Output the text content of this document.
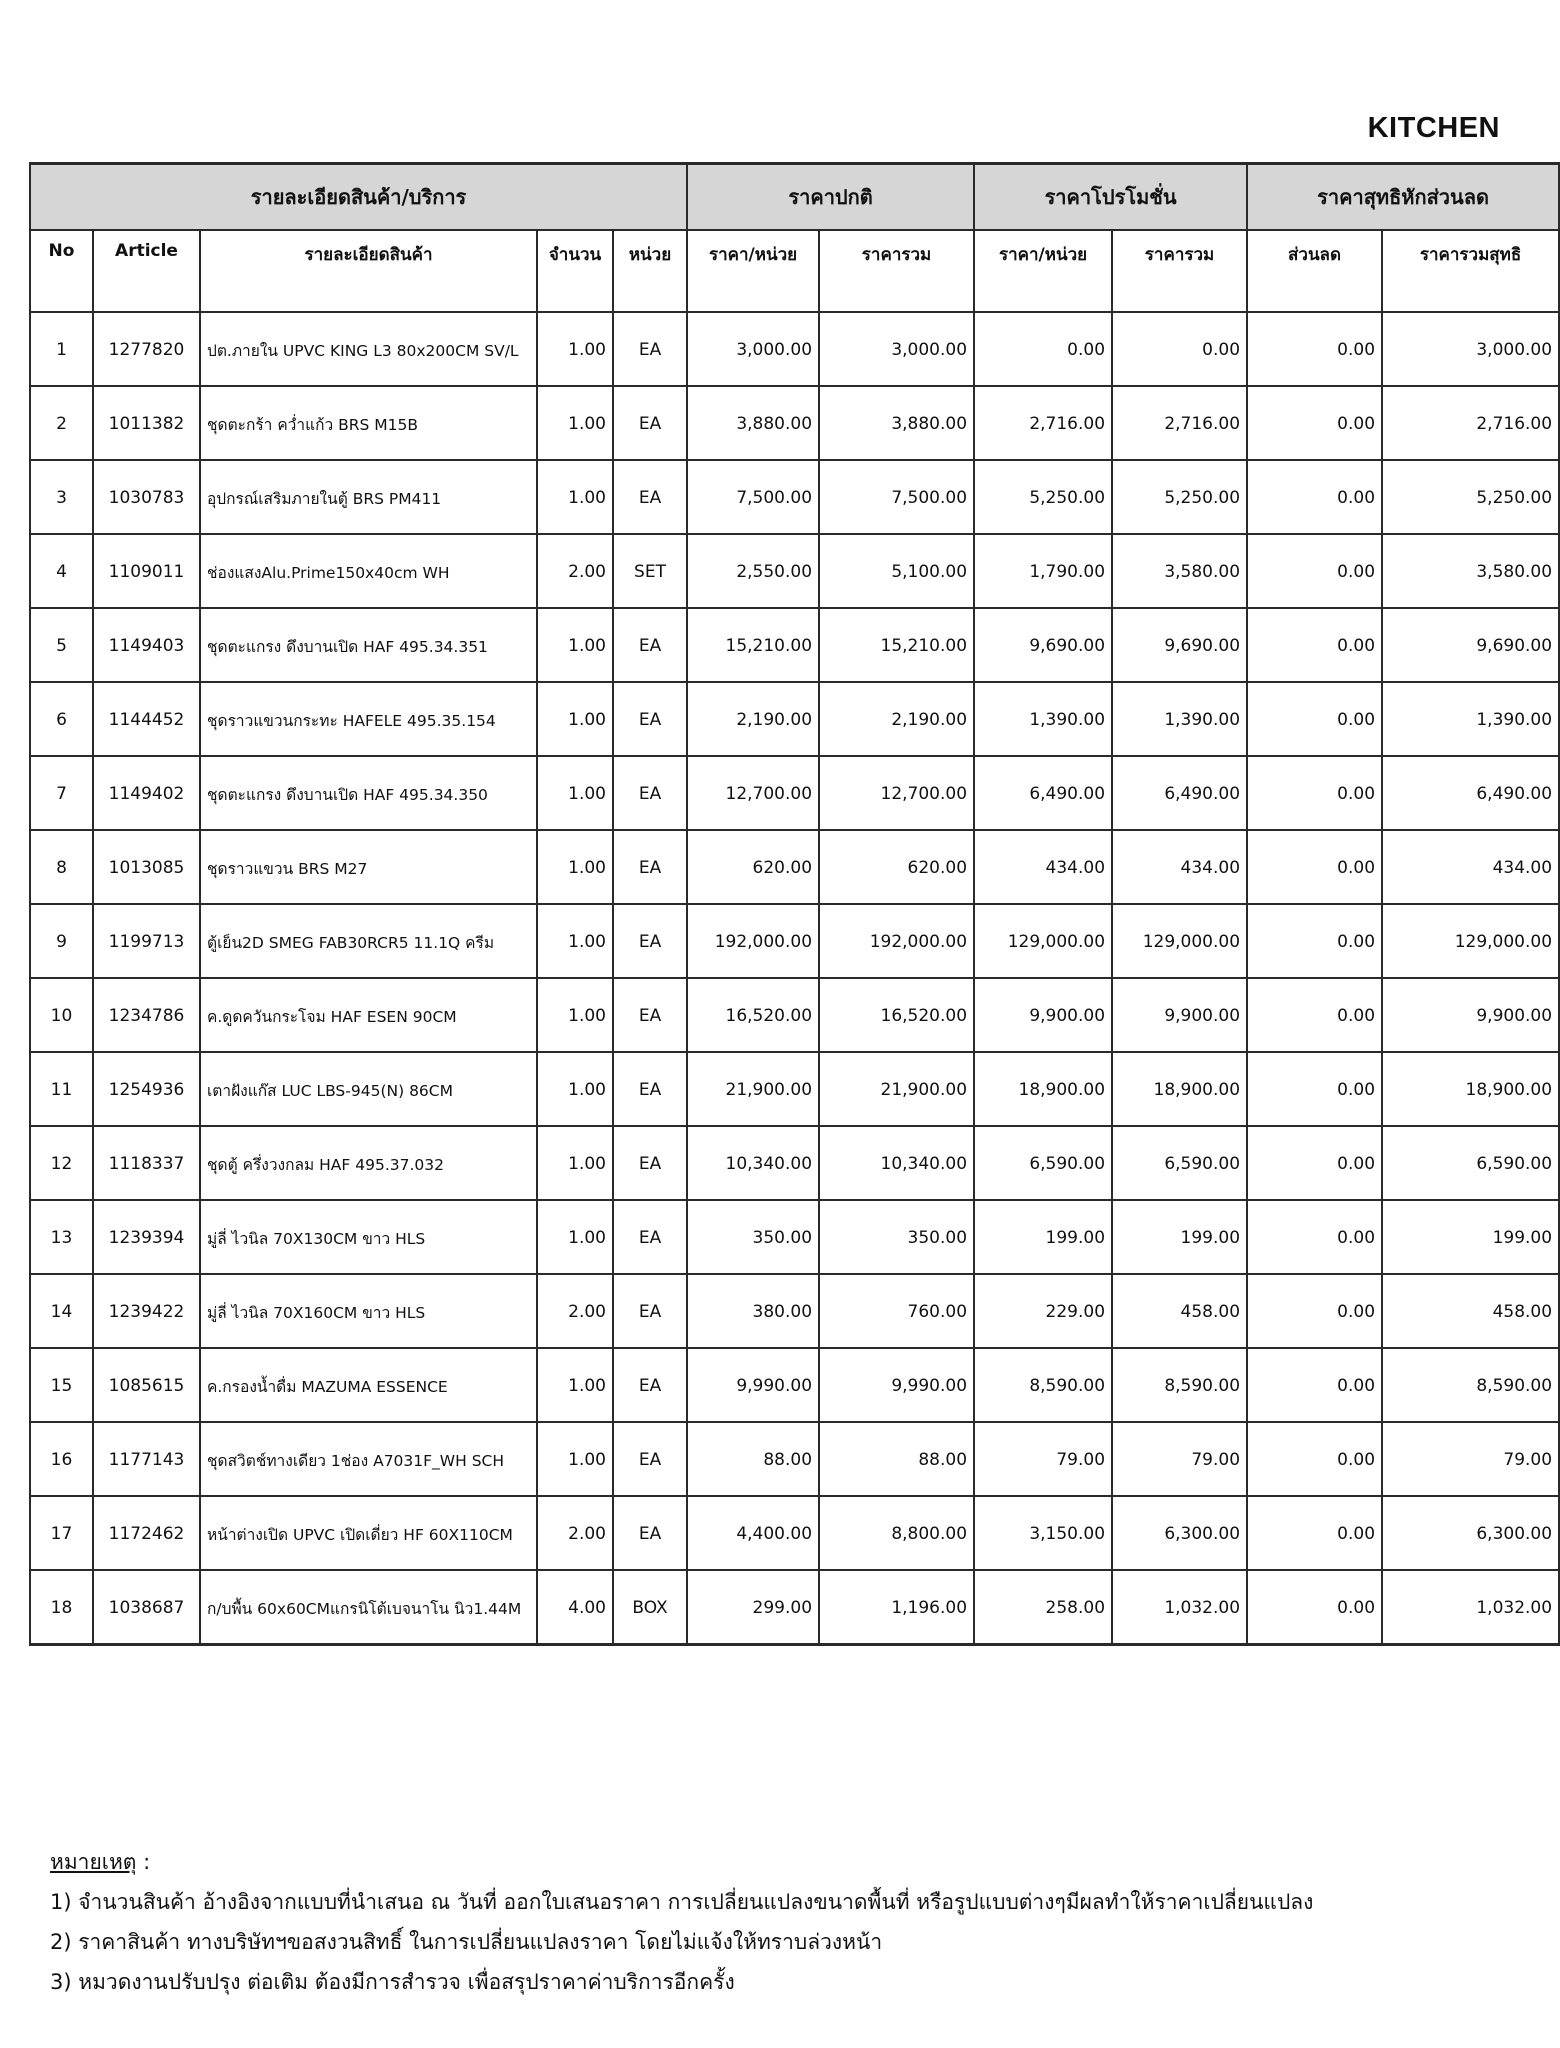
KITCHEN
รายละเอียดสินค้า/บริการ					ราคาปกติ		ราคาโปรโมชั่น		ราคาสุทธิหักส่วนลด	
No	Article	รายละเอียดสินค้า	จำนวน	หน่วย	ราคา/หน่วย	ราคารวม	ราคา/หน่วย	ราคารวม	ส่วนลด	ราคารวมสุทธิ
1	1277820	ปต.ภายใน UPVC KING L3 80x200CM SV/L	1.00	EA	3,000.00	3,000.00	0.00	0.00	0.00	3,000.00
2	1011382	ชุดตะกร้า คว่ำแก้ว BRS M15B	1.00	EA	3,880.00	3,880.00	2,716.00	2,716.00	0.00	2,716.00
3	1030783	อุปกรณ์เสริมภายในตู้ BRS PM411	1.00	EA	7,500.00	7,500.00	5,250.00	5,250.00	0.00	5,250.00
4	1109011	ช่องแสงAlu.Prime150x40cm WH	2.00	SET	2,550.00	5,100.00	1,790.00	3,580.00	0.00	3,580.00
5	1149403	ชุดตะแกรง ดึงบานเปิด HAF 495.34.351	1.00	EA	15,210.00	15,210.00	9,690.00	9,690.00	0.00	9,690.00
6	1144452	ชุดราวแขวนกระทะ HAFELE 495.35.154	1.00	EA	2,190.00	2,190.00	1,390.00	1,390.00	0.00	1,390.00
7	1149402	ชุดตะแกรง ดึงบานเปิด HAF 495.34.350	1.00	EA	12,700.00	12,700.00	6,490.00	6,490.00	0.00	6,490.00
8	1013085	ชุดราวแขวน BRS M27	1.00	EA	620.00	620.00	434.00	434.00	0.00	434.00
9	1199713	ตู้เย็น2D SMEG FAB30RCR5 11.1Q ครีม	1.00	EA	192,000.00	192,000.00	129,000.00	129,000.00	0.00	129,000.00
10	1234786	ค.ดูดควันกระโจม HAF ESEN 90CM	1.00	EA	16,520.00	16,520.00	9,900.00	9,900.00	0.00	9,900.00
11	1254936	เตาฝังแก๊ส LUC LBS-945(N) 86CM	1.00	EA	21,900.00	21,900.00	18,900.00	18,900.00	0.00	18,900.00
12	1118337	ชุดตู้ ครึ่งวงกลม HAF 495.37.032	1.00	EA	10,340.00	10,340.00	6,590.00	6,590.00	0.00	6,590.00
13	1239394	มู่ลี่ ไวนิล 70X130CM ขาว HLS	1.00	EA	350.00	350.00	199.00	199.00	0.00	199.00
14	1239422	มู่ลี่ ไวนิล 70X160CM ขาว HLS	2.00	EA	380.00	760.00	229.00	458.00	0.00	458.00
15	1085615	ค.กรองน้ำดื่ม MAZUMA ESSENCE	1.00	EA	9,990.00	9,990.00	8,590.00	8,590.00	0.00	8,590.00
16	1177143	ชุดสวิตช์ทางเดียว 1ช่อง A7031F_WH SCH	1.00	EA	88.00	88.00	79.00	79.00	0.00	79.00
17	1172462	หน้าต่างเปิด UPVC เปิดเดี่ยว HF 60X110CM	2.00	EA	4,400.00	8,800.00	3,150.00	6,300.00	0.00	6,300.00
18	1038687	ก/บพื้น 60x60CMแกรนิโต้เบจนาโน นิว1.44M	4.00	BOX	299.00	1,196.00	258.00	1,032.00	0.00	1,032.00
หมายเหตุ :
1) จำนวนสินค้า อ้างอิงจากแบบที่นำเสนอ ณ วันที่ ออกใบเสนอราคา การเปลี่ยนแปลงขนาดพื้นที่ หรือรูปแบบต่างๆมีผลทำให้ราคาเปลี่ยนแปลง
2) ราคาสินค้า ทางบริษัทฯขอสงวนสิทธิ์ ในการเปลี่ยนแปลงราคา โดยไม่แจ้งให้ทราบล่วงหน้า
3) หมวดงานปรับปรุง ต่อเติม ต้องมีการสำรวจ เพื่อสรุปราคาค่าบริการอีกครั้ง
